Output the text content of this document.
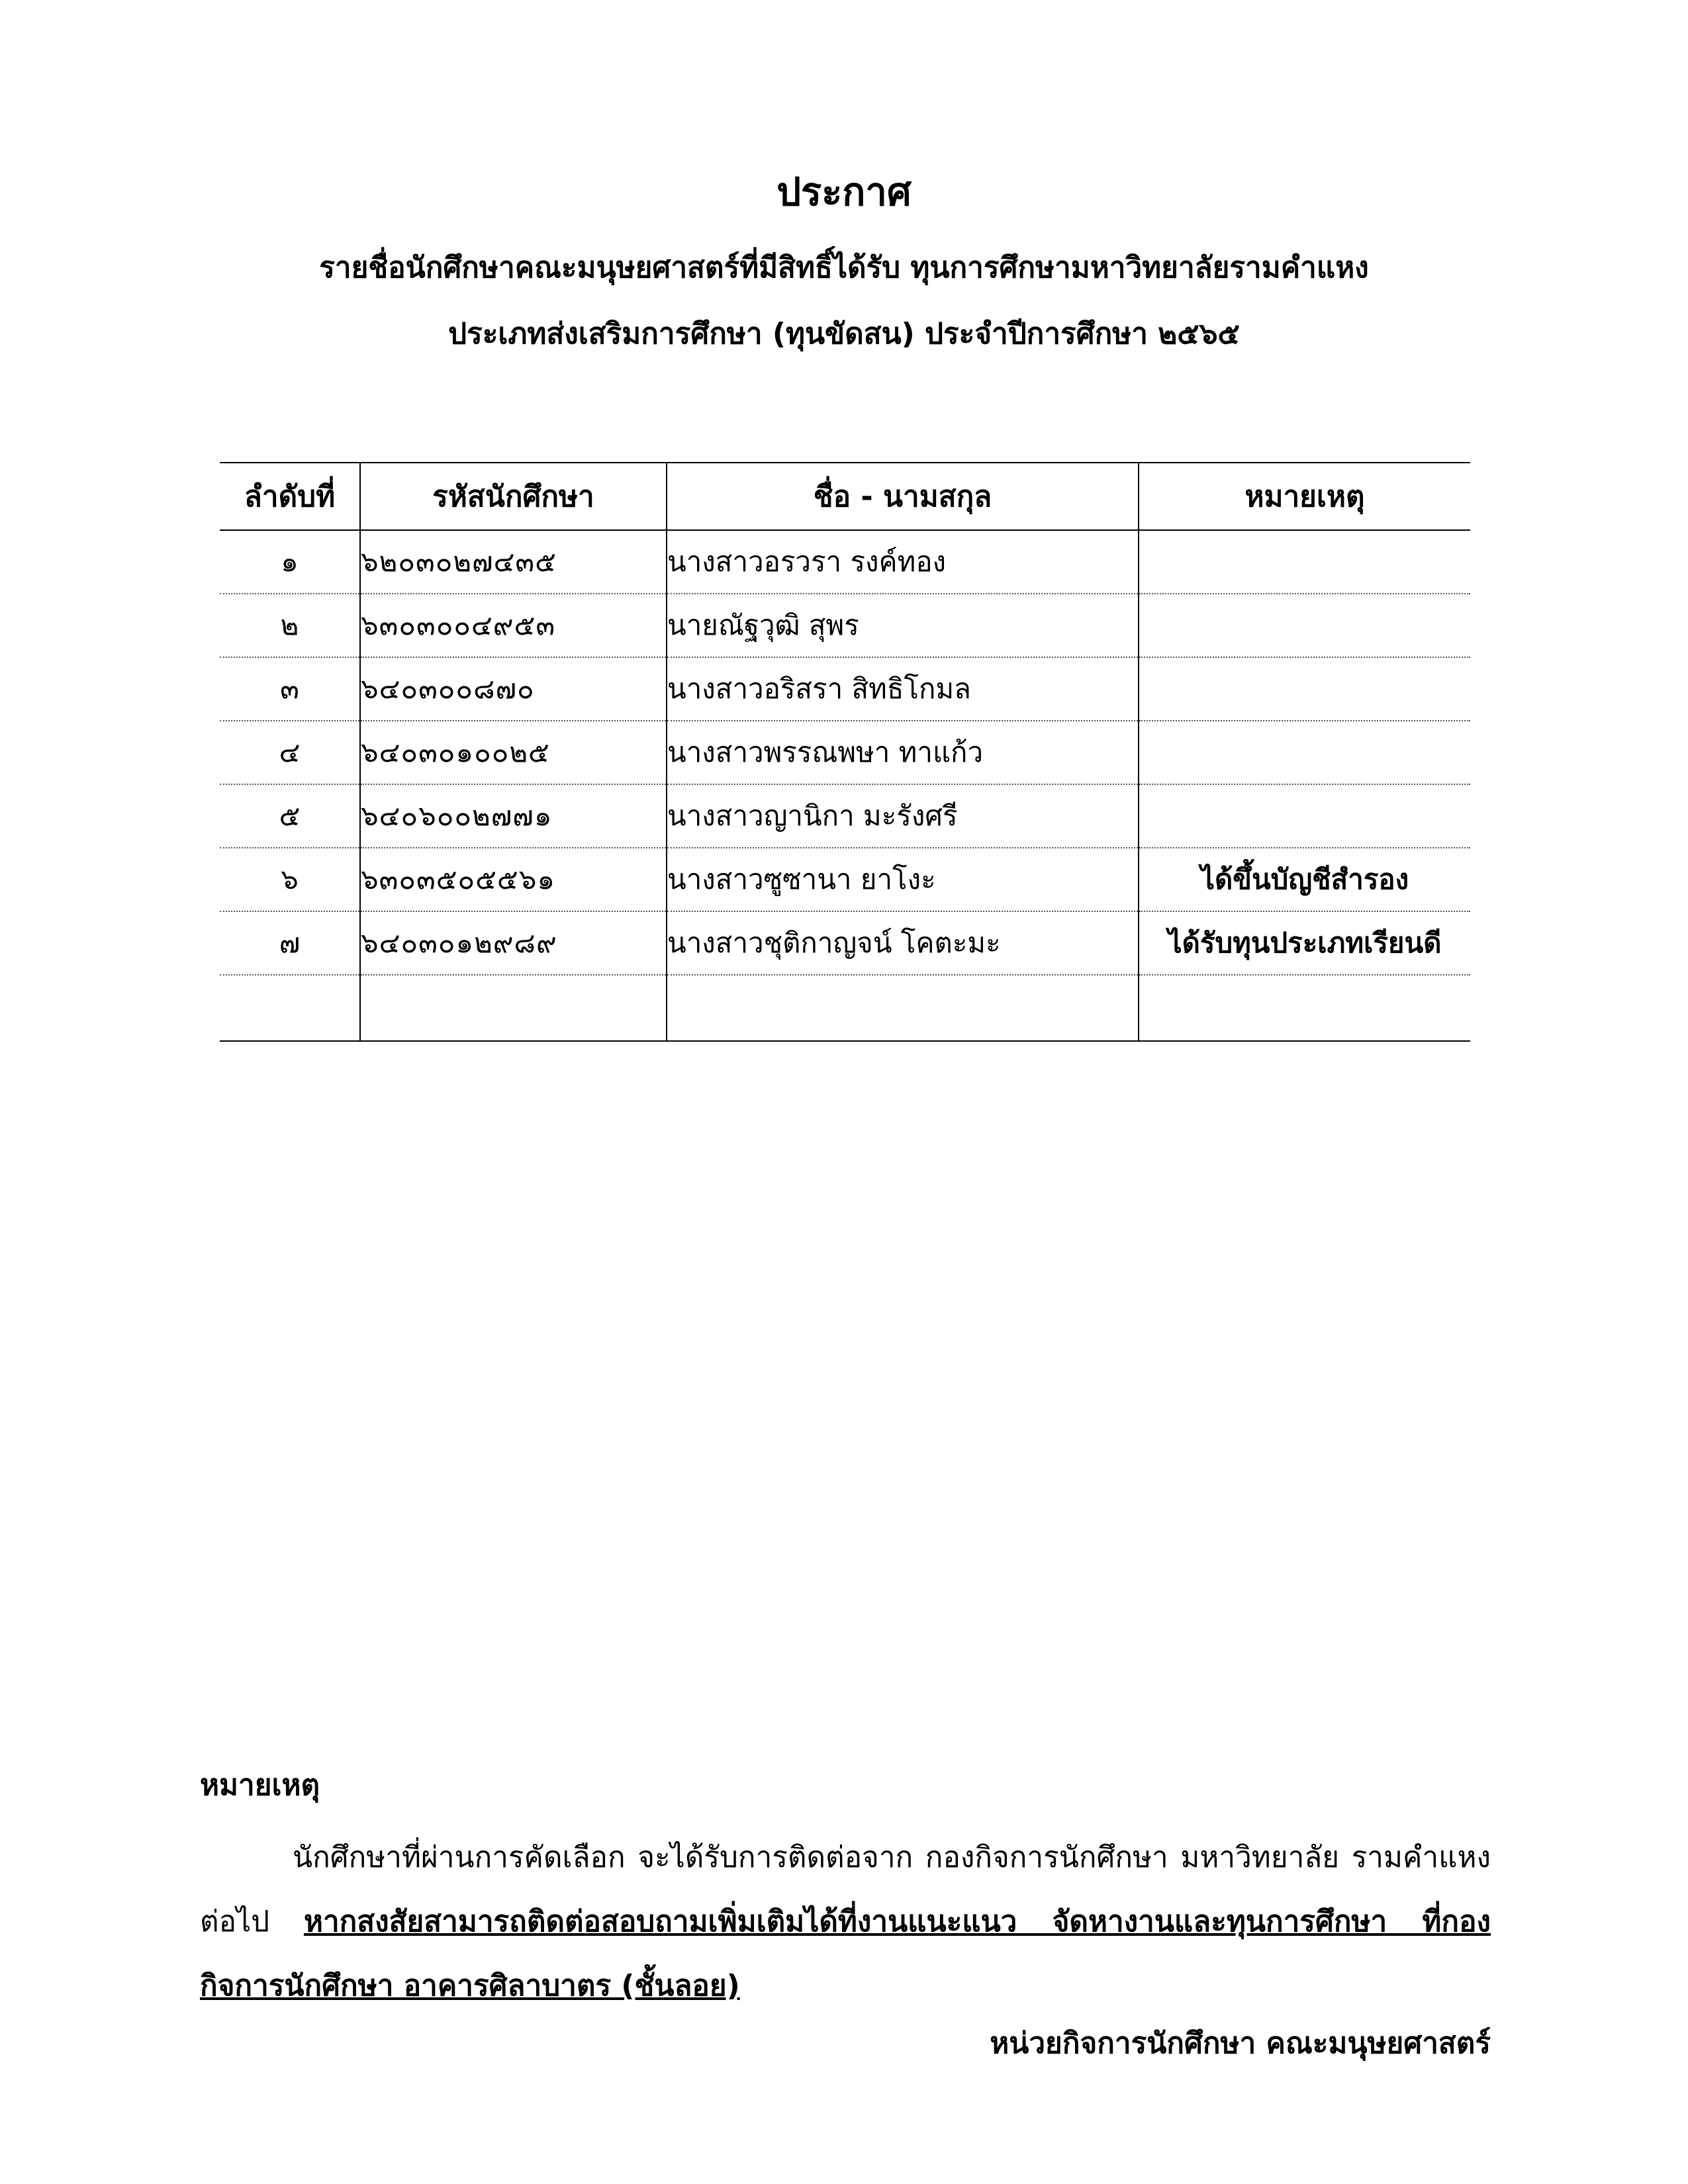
ประกาศ
รายชื่อนักศึกษาคณะมนุษยศาสตร์ที่มีสิทธิ์ได้รับ ทุนการศึกษามหาวิทยาลัยรามคำแหง
ประเภทส่งเสริมการศึกษา (ทุนขัดสน) ประจำปีการศึกษา ๒๕๖๕
ลำดับที่	รหัสนักศึกษา	ชื่อ - นามสกุล	หมายเหตุ
๑	๖๒๐๓๐๒๗๔๓๕	นางสาวอรวรา รงค์ทอง	
๒	๖๓๐๓๐๐๔๙๕๓	นายณัฐวุฒิ สุพร	
๓	๖๔๐๓๐๐๘๗๐	นางสาวอริสรา สิทธิโกมล	
๔	๖๔๐๓๐๑๐๐๒๕	นางสาวพรรณพษา ทาแก้ว	
๕	๖๔๐๖๐๐๒๗๗๑	นางสาวญานิกา มะรังศรี	
๖	๖๓๐๓๕๐๕๕๖๑	นางสาวซูซานา ยาโงะ	ได้ขึ้นบัญชีสำรอง
๗	๖๔๐๓๐๑๒๙๘๙	นางสาวชุติกาญจน์ โคตะมะ	ได้รับทุนประเภทเรียนดี

หมายเหตุ

นักศึกษาที่ผ่านการคัดเลือก จะได้รับการติดต่อจาก กองกิจการนักศึกษา มหาวิทยาลัย รามคำแหง ต่อไป หากสงสัยสามารถติดต่อสอบถามเพิ่มเติมได้ที่งานแนะแนว จัดหางานและทุนการศึกษา ที่กองกิจการนักศึกษา อาคารศิลาบาตร (ชั้นลอย)

หน่วยกิจการนักศึกษา คณะมนุษยศาสตร์
